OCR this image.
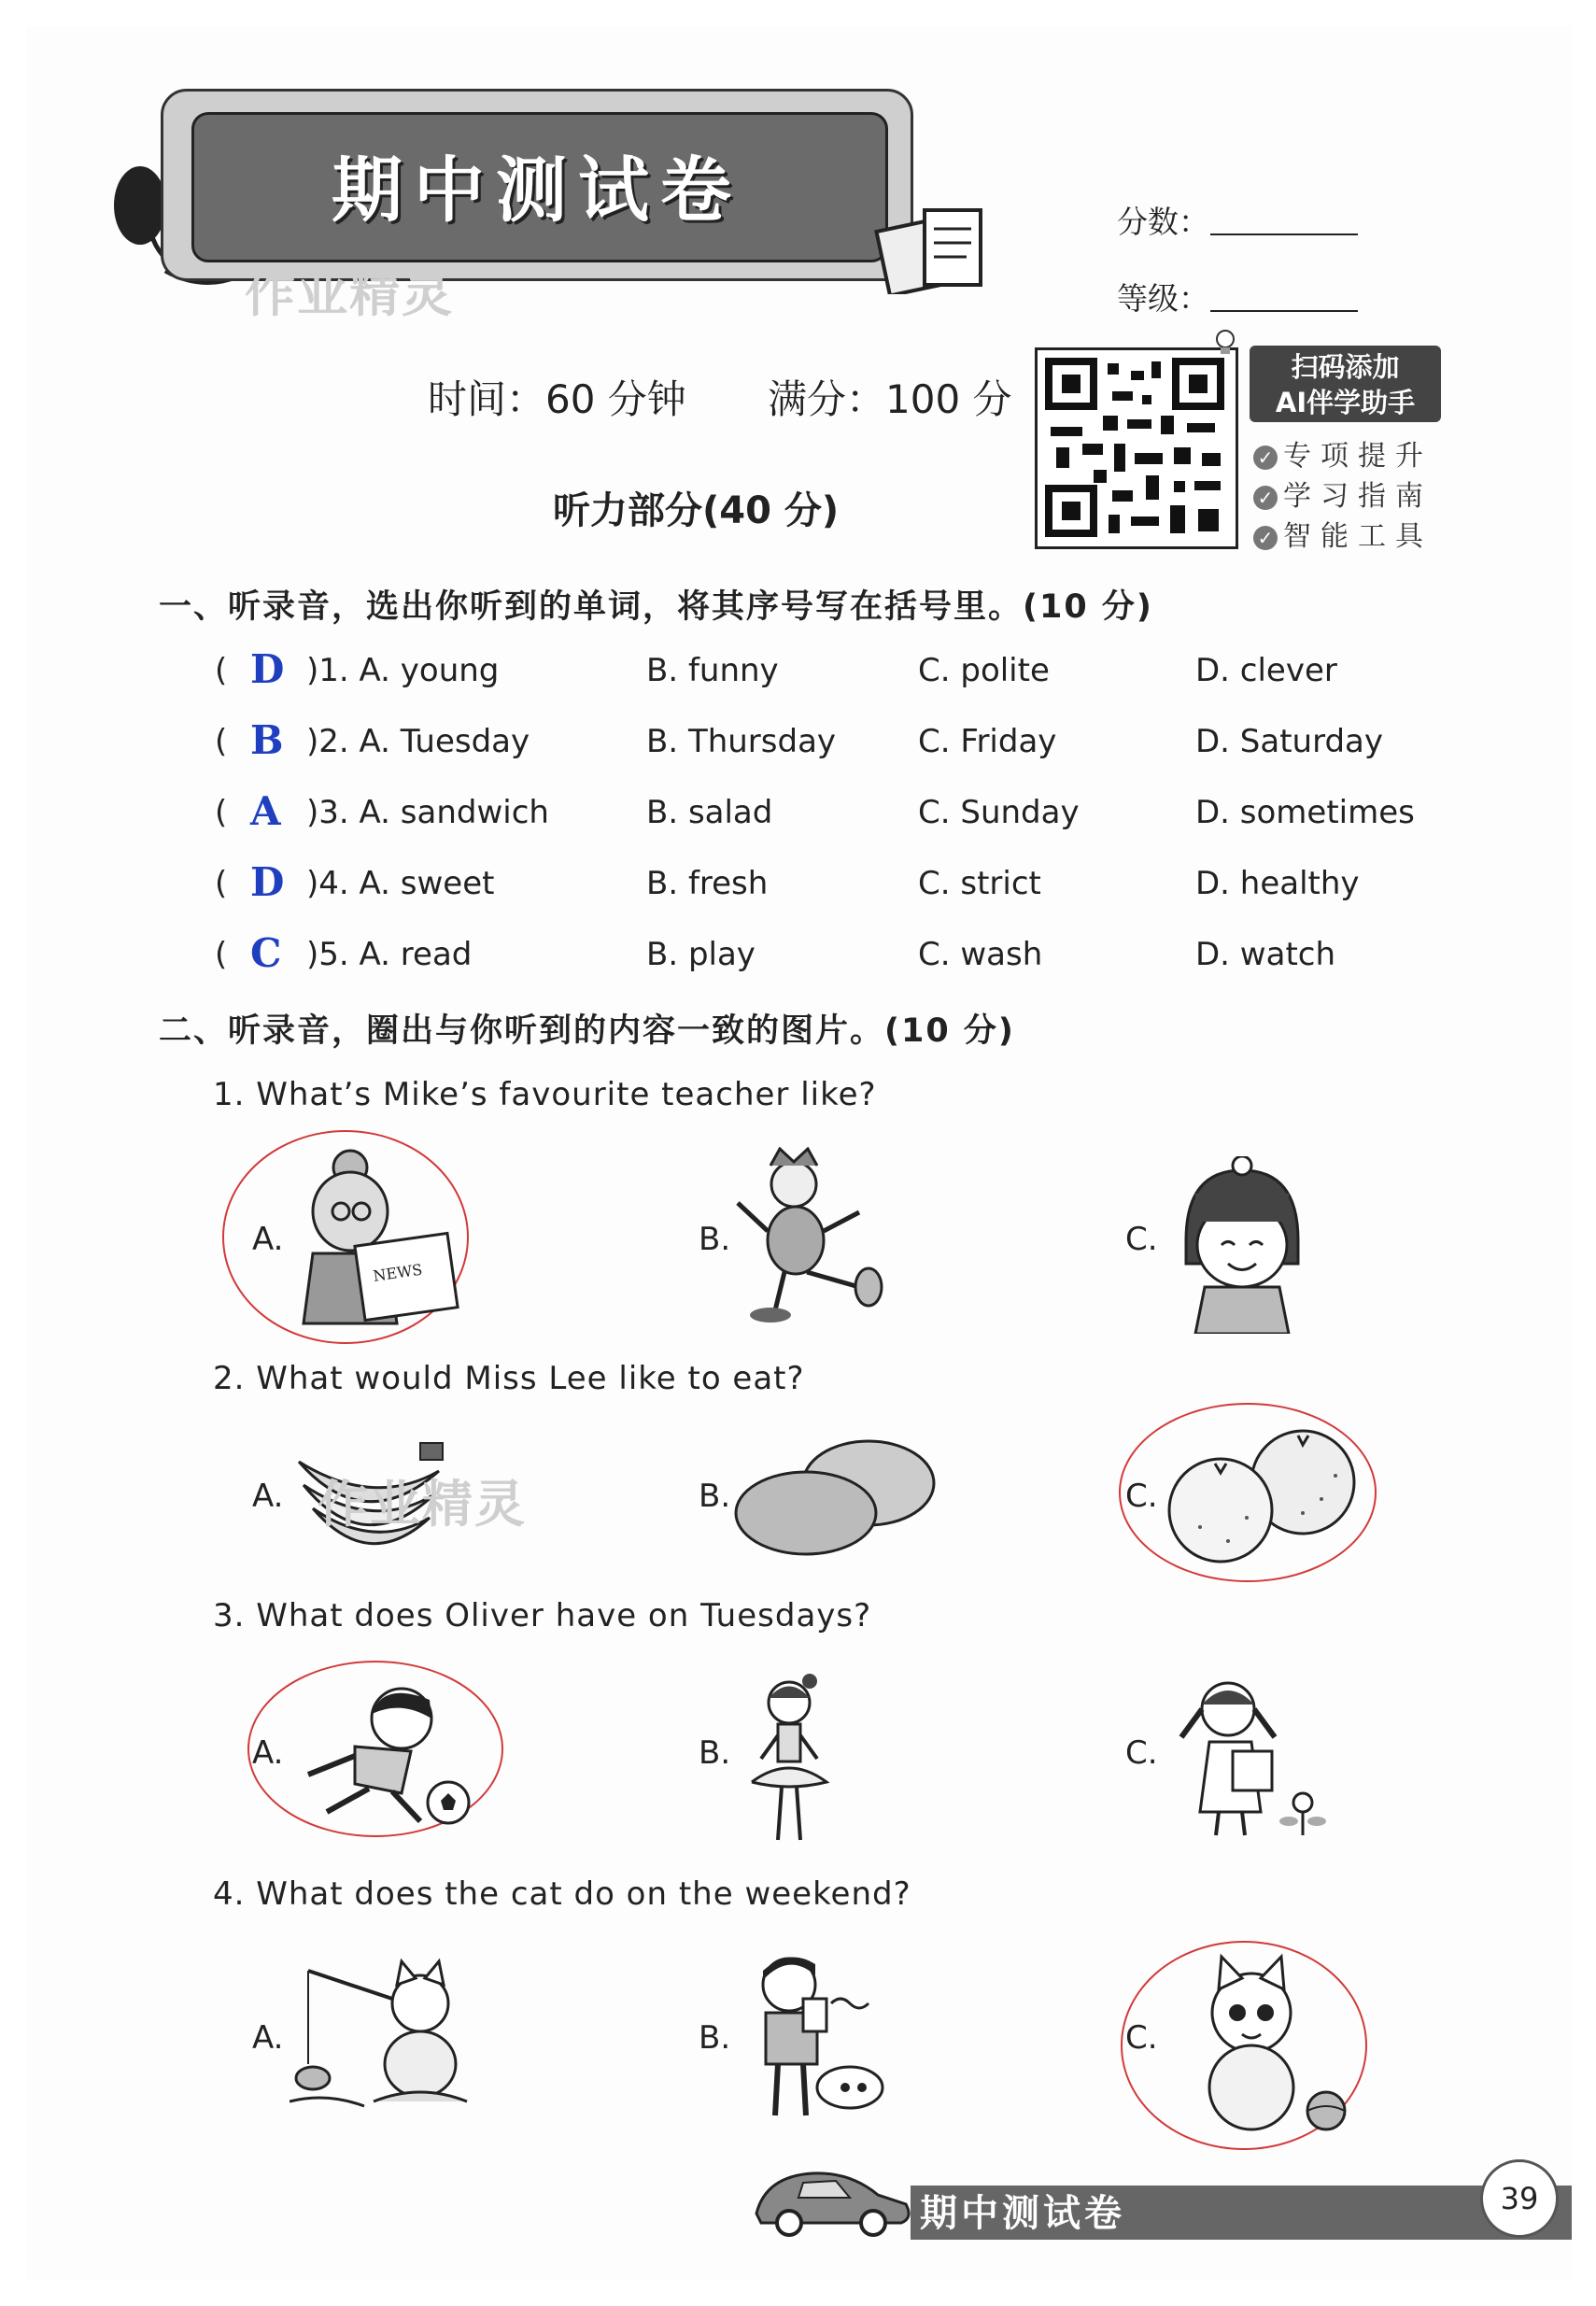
期中测试卷
作业精灵
分数：
等级：
时间：60 分钟 满分：100 分
扫码添加
AI伴学助手
✓ 专项提升
✓ 学习指南
✓ 智能工具
听力部分(40 分)
一、听录音，选出你听到的单词，将其序号写在括号里。(10 分)
( D )1. A. young	B. funny	C. polite	D. clever
( B )2. A. Tuesday	B. Thursday	C. Friday	D. Saturday
( A )3. A. sandwich	B. salad	C. Sunday	D. sometimes
( D )4. A. sweet	B. fresh	C. strict	D. healthy
( C )5. A. read	B. play	C. wash	D. watch
二、听录音，圈出与你听到的内容一致的图片。(10 分)
1. What’s Mike’s favourite teacher like?
A.
NEWS
B.	C.
2. What would Miss Lee like to eat?
A. 作业精灵	B.	C.
3. What does Oliver have on Tuesdays?
A.	B.	C.
4. What does the cat do on the weekend?
A.	B.	C.
期中测试卷	39
